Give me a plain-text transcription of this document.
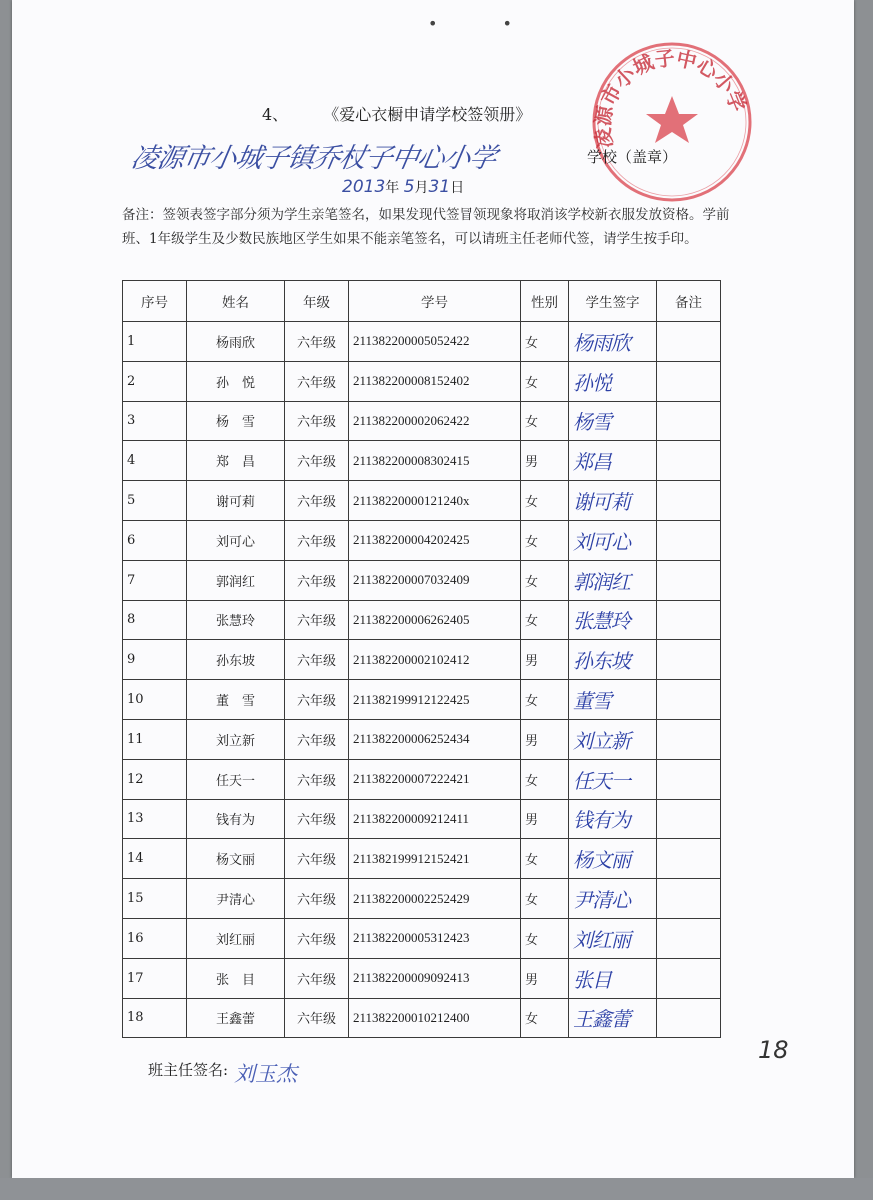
• •
凌源市小城子中心小学
4、 《爱心衣橱申请学校签领册》
凌源市小城子镇乔杖子中心小学	学校（盖章）
2013年 5月31日
备注：签领表签字部分须为学生亲笔签名，如果发现代签冒领现象将取消该学校新衣服发放资格。学前班、1年级学生及少数民族地区学生如果不能亲笔签名，可以请班主任老师代签，请学生按手印。
班主任签名: 刘玉杰
18
序号	姓名	年级	学号	性别	学生签字	备注
1	杨雨欣	六年级	211382200005052422	女	杨雨欣	
2	孙　悦	六年级	211382200008152402	女	孙悦	
3	杨　雪	六年级	211382200002062422	女	杨雪	
4	郑　昌	六年级	211382200008302415	男	郑昌	
5	谢可莉	六年级	21138220000121240x	女	谢可莉	
6	刘可心	六年级	211382200004202425	女	刘可心	
7	郭润红	六年级	211382200007032409	女	郭润红	
8	张慧玲	六年级	211382200006262405	女	张慧玲	
9	孙东坡	六年级	211382200002102412	男	孙东坡	
10	董　雪	六年级	211382199912122425	女	董雪	
11	刘立新	六年级	211382200006252434	男	刘立新	
12	任天一	六年级	211382200007222421	女	任天一	
13	钱有为	六年级	211382200009212411	男	钱有为	
14	杨文丽	六年级	211382199912152421	女	杨文丽	
15	尹清心	六年级	211382200002252429	女	尹清心	
16	刘红丽	六年级	211382200005312423	女	刘红丽	
17	张　目	六年级	211382200009092413	男	张目	
18	王鑫蕾	六年级	211382200010212400	女	王鑫蕾	
